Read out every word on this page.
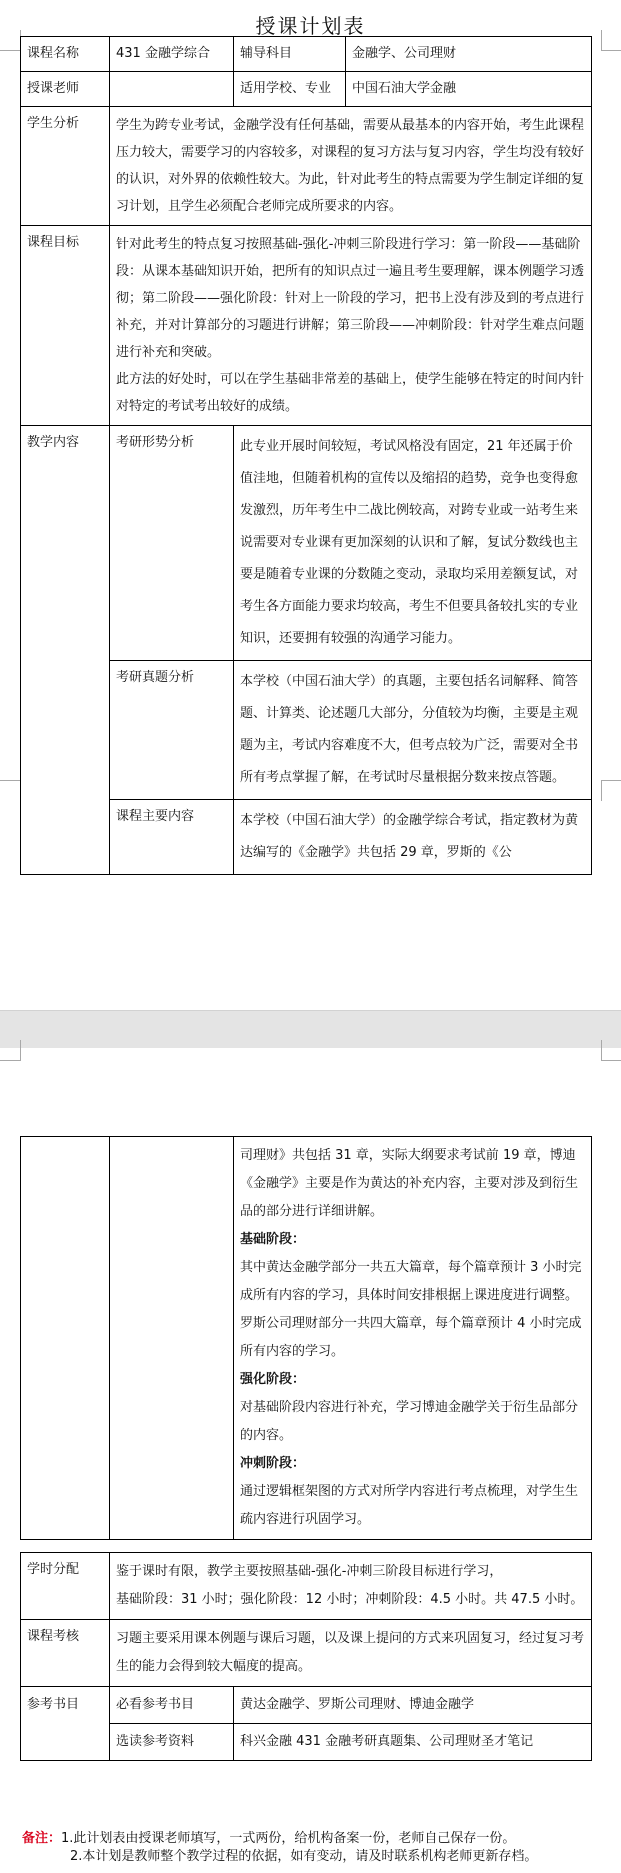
授课计划表
课程名称	431 金融学综合	辅导科目	金融学、公司理财
授课老师		适用学校、专业	中国石油大学金融
学生分析	学生为跨专业考试，金融学没有任何基础，需要从最基本的内容开始，考生此课程压力较大，需要学习的内容较多，对课程的复习方法与复习内容，学生均没有较好的认识，对外界的依赖性较大。为此，针对此考生的特点需要为学生制定详细的复习计划，且学生必须配合老师完成所要求的内容。		
课程目标	针对此考生的特点复习按照基础-强化-冲刺三阶段进行学习：第一阶段——基础阶段：从课本基础知识开始，把所有的知识点过一遍且考生要理解，课本例题学习透彻；第二阶段——强化阶段：针对上一阶段的学习，把书上没有涉及到的考点进行补充，并对计算部分的习题进行讲解；第三阶段——冲刺阶段：针对学生难点问题进行补充和突破。

此方法的好处时，可以在学生基础非常差的基础上，使学生能够在特定的时间内针对特定的考试考出较好的成绩。		

教学内容	考研形势分析	此专业开展时间较短，考试风格没有固定，21 年还属于价值洼地，但随着机构的宣传以及缩招的趋势，竞争也变得愈发激烈，历年考生中二战比例较高，对跨专业或一站考生来说需要对专业课有更加深刻的认识和了解，复试分数线也主要是随着专业课的分数随之变动，录取均采用差额复试，对考生各方面能力要求均较高，考生不但要具备较扎实的专业知识，还要拥有较强的沟通学习能力。	
	考研真题分析	本学校（中国石油大学）的真题，主要包括名词解释、简答题、计算类、论述题几大部分，分值较为均衡，主要是主观题为主，考试内容难度不大，但考点较为广泛，需要对全书所有考点掌握了解，在考试时尽量根据分数来按点答题。	
	课程主要内容	本学校（中国石油大学）的金融学综合考试，指定教材为黄达编写的《金融学》共包括 29 章，罗斯的《公	

司理财》共包括 31 章，实际大纲要求考试前 19 章，博迪《金融学》主要是作为黄达的补充内容，主要对涉及到衍生品的部分进行详细讲解。

基础阶段：

其中黄达金融学部分一共五大篇章，每个篇章预计 3 小时完成所有内容的学习，具体时间安排根据上课进度进行调整。

罗斯公司理财部分一共四大篇章，每个篇章预计 4 小时完成所有内容的学习。

强化阶段：

对基础阶段内容进行补充，学习博迪金融学关于衍生品部分的内容。

冲刺阶段：

通过逻辑框架图的方式对所学内容进行考点梳理，对学生生疏内容进行巩固学习。

学时分配	鉴于课时有限，教学主要按照基础-强化-冲刺三阶段目标进行学习，

基础阶段：31 小时；强化阶段：12 小时；冲刺阶段：4.5 小时。共 47.5 小时。	

课程考核	习题主要采用课本例题与课后习题，以及课上提问的方式来巩固复习，经过复习考生的能力会得到较大幅度的提高。	
参考书目	必看参考书目	黄达金融学、罗斯公司理财、博迪金融学
	选读参考资料	科兴金融 431 金融考研真题集、公司理财圣才笔记
备注：1.此计划表由授课老师填写，一式两份，给机构备案一份，老师自己保存一份。
2.本计划是教师整个教学过程的依据，如有变动，请及时联系机构老师更新存档。
